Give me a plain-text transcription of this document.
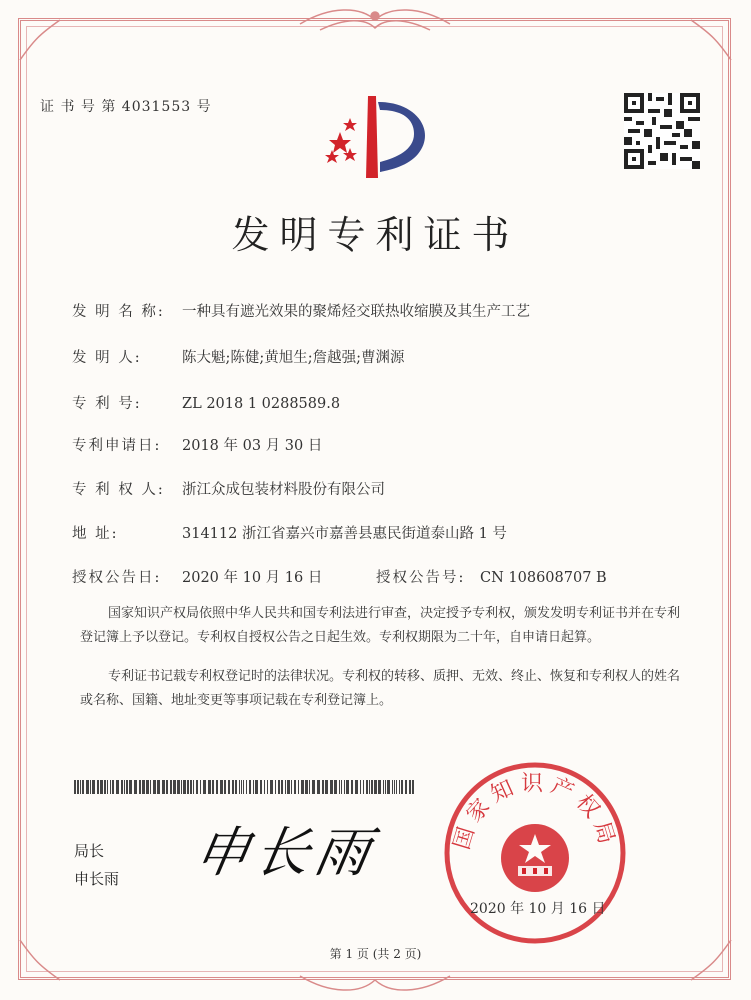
证 书 号 第 4031553 号
发明专利证书
发 明 名 称: 一种具有遮光效果的聚烯烃交联热收缩膜及其生产工艺
发 明 人:	陈大魁;陈健;黄旭生;詹越强;曹渊源
专 利 号:	ZL 2018 1 0288589.8
专利申请日: 2018 年 03 月 30 日
专 利 权 人: 浙江众成包装材料股份有限公司
地 址:	314112 浙江省嘉兴市嘉善县惠民街道泰山路 1 号
授权公告日: 2020 年 10 月 16 日	授权公告号: CN 108608707 B
国家知识产权局依照中华人民共和国专利法进行审查，决定授予专利权，颁发发明专利证书并在专利登记簿上予以登记。专利权自授权公告之日起生效。专利权期限为二十年，自申请日起算。
专利证书记载专利权登记时的法律状况。专利权的转移、质押、无效、终止、恢复和专利权人的姓名或名称、国籍、地址变更等事项记载在专利登记簿上。
局长
申长雨 申长雨	国家知识产权局
2020 年 10 月 16 日
第 1 页 (共 2 页)
